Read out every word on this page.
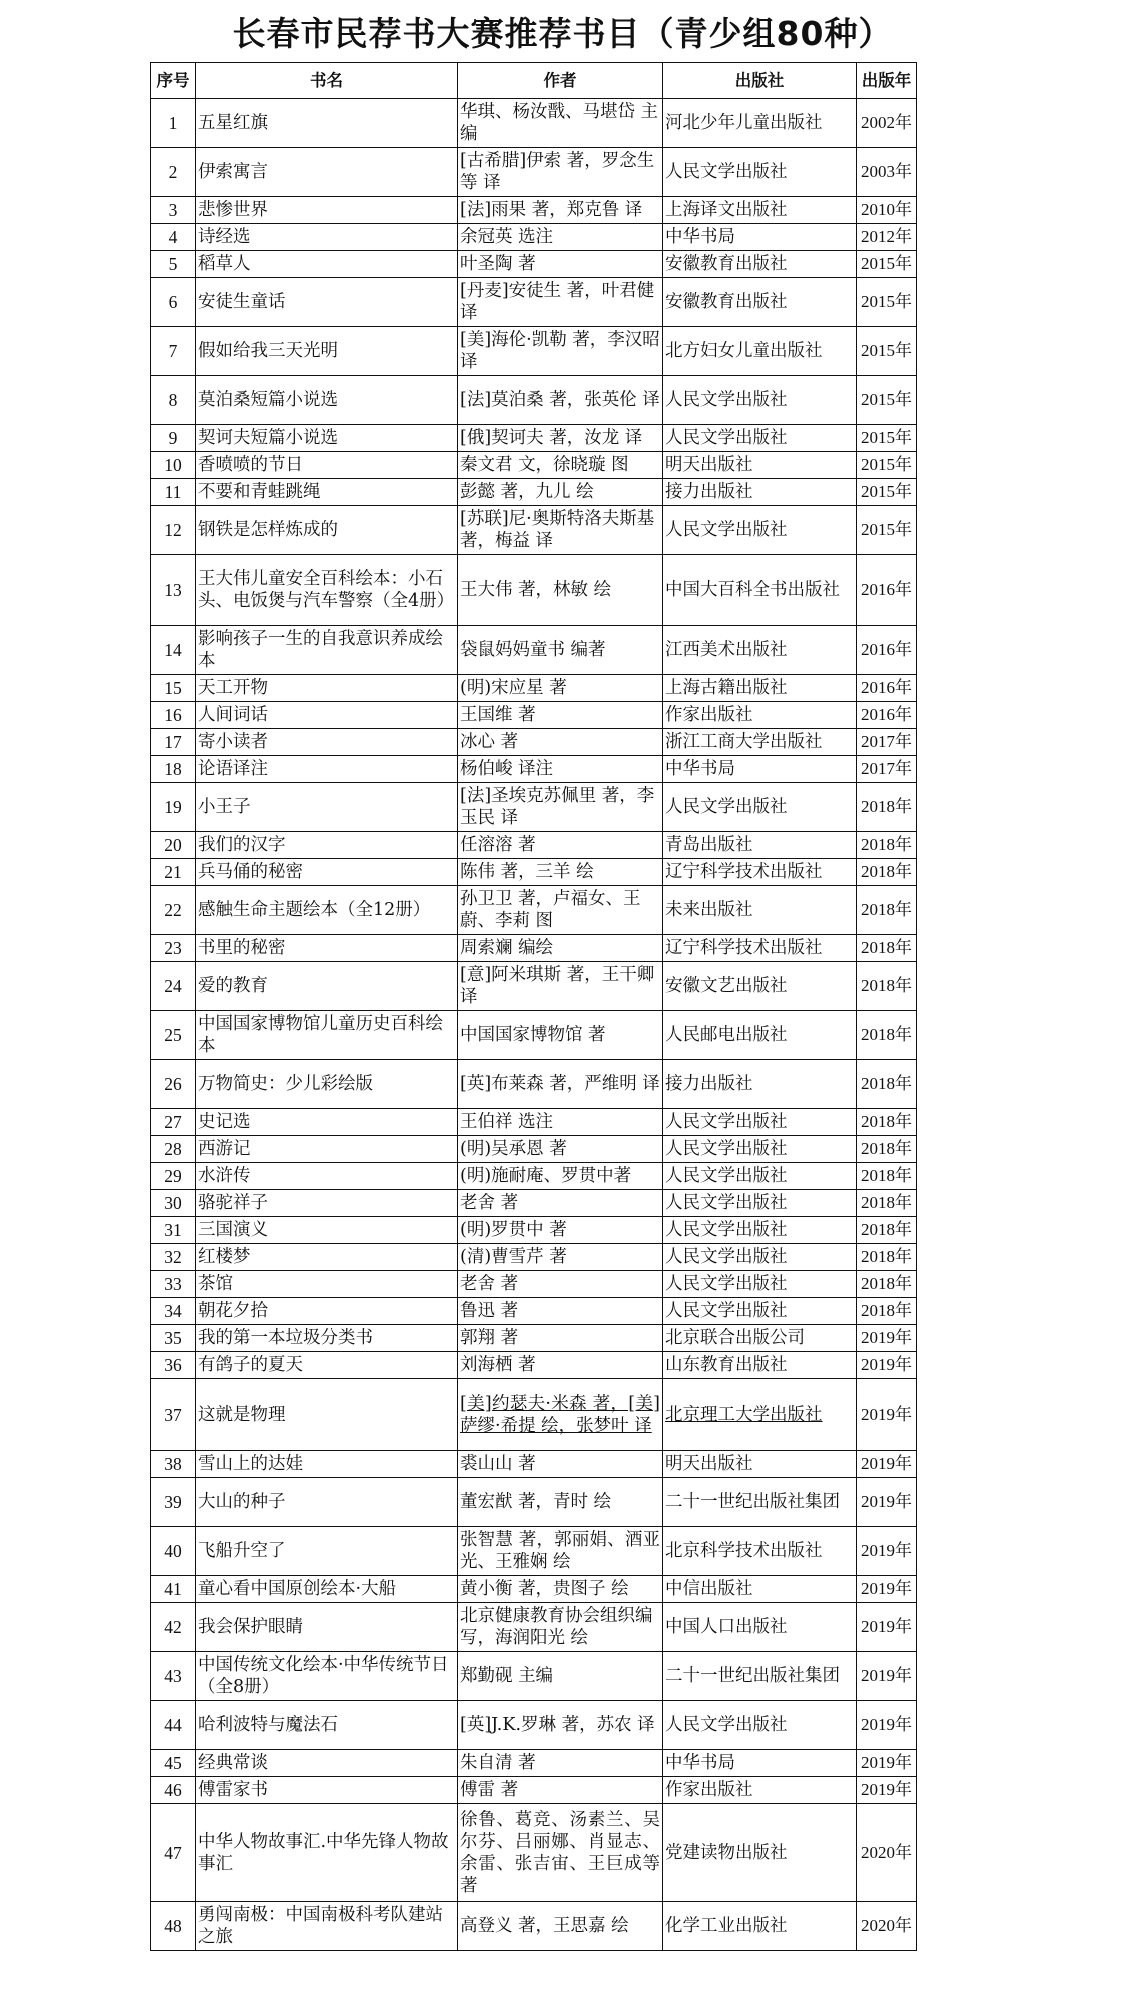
长春市民荐书大赛推荐书目（青少组80种）
序号	书名	作者	出版社	出版年
1	五星红旗	华琪、杨汝戬、马堪岱 主编	河北少年儿童出版社	2002年
2	伊索寓言	[古希腊]伊索 著，罗念生等 译	人民文学出版社	2003年
3	悲惨世界	[法]雨果 著，郑克鲁 译	上海译文出版社	2010年
4	诗经选	余冠英 选注	中华书局	2012年
5	稻草人	叶圣陶 著	安徽教育出版社	2015年
6	安徒生童话	[丹麦]安徒生 著，叶君健 译	安徽教育出版社	2015年
7	假如给我三天光明	[美]海伦·凯勒 著，李汉昭 译	北方妇女儿童出版社	2015年
8	莫泊桑短篇小说选	[法]莫泊桑 著，张英伦 译	人民文学出版社	2015年
9	契诃夫短篇小说选	[俄]契诃夫 著，汝龙 译	人民文学出版社	2015年
10	香喷喷的节日	秦文君 文，徐晓璇 图	明天出版社	2015年
11	不要和青蛙跳绳	彭懿 著，九儿 绘	接力出版社	2015年
12	钢铁是怎样炼成的	[苏联]尼·奥斯特洛夫斯基 著，梅益 译	人民文学出版社	2015年
13	王大伟儿童安全百科绘本：小石头、电饭煲与汽车警察（全4册）	王大伟 著，林敏 绘	中国大百科全书出版社	2016年
14	影响孩子一生的自我意识养成绘本	袋鼠妈妈童书 编著	江西美术出版社	2016年
15	天工开物	(明)宋应星 著	上海古籍出版社	2016年
16	人间词话	王国维 著	作家出版社	2016年
17	寄小读者	冰心 著	浙江工商大学出版社	2017年
18	论语译注	杨伯峻 译注	中华书局	2017年
19	小王子	[法]圣埃克苏佩里 著，李玉民 译	人民文学出版社	2018年
20	我们的汉字	任溶溶 著	青岛出版社	2018年
21	兵马俑的秘密	陈伟 著，三羊 绘	辽宁科学技术出版社	2018年
22	感触生命主题绘本（全12册）	孙卫卫 著，卢福女、王蔚、李莉 图	未来出版社	2018年
23	书里的秘密	周索斓 编绘	辽宁科学技术出版社	2018年
24	爱的教育	[意]阿米琪斯 著，王干卿 译	安徽文艺出版社	2018年
25	中国国家博物馆儿童历史百科绘本	中国国家博物馆 著	人民邮电出版社	2018年
26	万物简史：少儿彩绘版	[英]布莱森 著，严维明 译	接力出版社	2018年
27	史记选	王伯祥 选注	人民文学出版社	2018年
28	西游记	(明)吴承恩 著	人民文学出版社	2018年
29	水浒传	(明)施耐庵、罗贯中著	人民文学出版社	2018年
30	骆驼祥子	老舍 著	人民文学出版社	2018年
31	三国演义	(明)罗贯中 著	人民文学出版社	2018年
32	红楼梦	(清)曹雪芹 著	人民文学出版社	2018年
33	茶馆	老舍 著	人民文学出版社	2018年
34	朝花夕拾	鲁迅 著	人民文学出版社	2018年
35	我的第一本垃圾分类书	郭翔 著	北京联合出版公司	2019年
36	有鸽子的夏天	刘海栖 著	山东教育出版社	2019年
37	这就是物理	[美]约瑟夫·米森 著，[美]萨缪·希提 绘，张梦叶 译	北京理工大学出版社	2019年
38	雪山上的达娃	裘山山 著	明天出版社	2019年
39	大山的种子	董宏猷 著，青时 绘	二十一世纪出版社集团	2019年
40	飞船升空了	张智慧 著，郭丽娟、酒亚光、王雅娴 绘	北京科学技术出版社	2019年
41	童心看中国原创绘本·大船	黄小衡 著，贵图子 绘	中信出版社	2019年
42	我会保护眼睛	北京健康教育协会组织编写，海润阳光 绘	中国人口出版社	2019年
43	中国传统文化绘本·中华传统节日（全8册）	郑勤砚 主编	二十一世纪出版社集团	2019年
44	哈利波特与魔法石	[英]J.K.罗琳 著，苏农 译	人民文学出版社	2019年
45	经典常谈	朱自清 著	中华书局	2019年
46	傅雷家书	傅雷 著	作家出版社	2019年
47	中华人物故事汇.中华先锋人物故事汇	徐鲁、葛竞、汤素兰、吴尔芬、吕丽娜、肖显志、余雷、张吉宙、王巨成等 著	党建读物出版社	2020年
48	勇闯南极：中国南极科考队建站之旅	高登义 著，王思嘉 绘	化学工业出版社	2020年
